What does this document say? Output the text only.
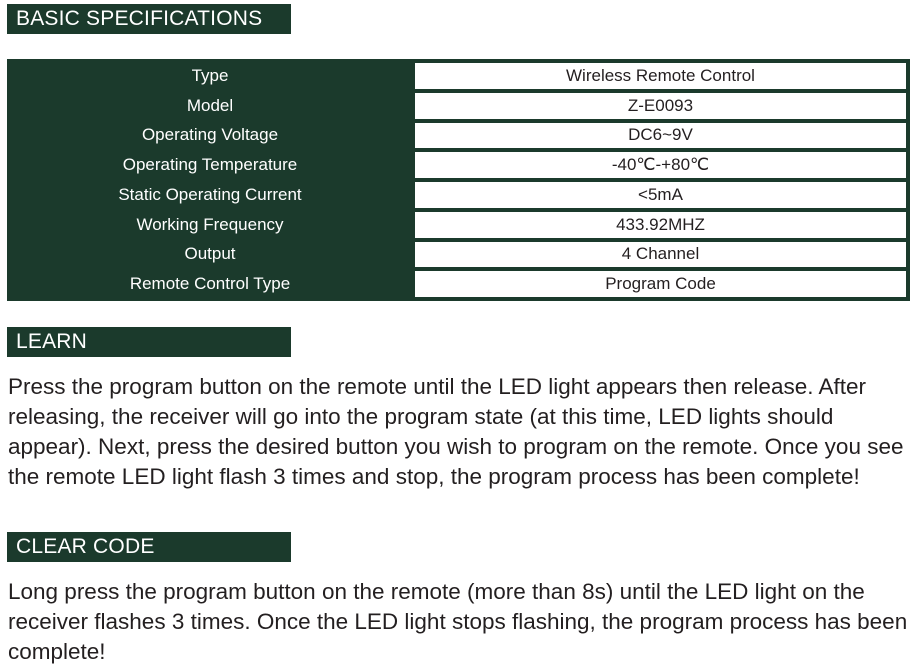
BASIC SPECIFICATIONS
Type	Wireless Remote Control
Model	Z-E0093
Operating Voltage	DC6~9V
Operating Temperature	-40℃-+80℃
Static Operating Current	<5mA
Working Frequency	433.92MHZ
Output	4 Channel
Remote Control Type	Program Code
LEARN

Press the program button on the remote until the LED light appears then release. After releasing, the receiver will go into the program state (at this time, LED lights should appear). Next, press the desired button you wish to program on the remote. Once you see the remote LED light flash 3 times and stop, the program process has been complete!

CLEAR CODE

Long press the program button on the remote (more than 8s) until the LED light on the receiver flashes 3 times. Once the LED light stops flashing, the program process has been complete!
